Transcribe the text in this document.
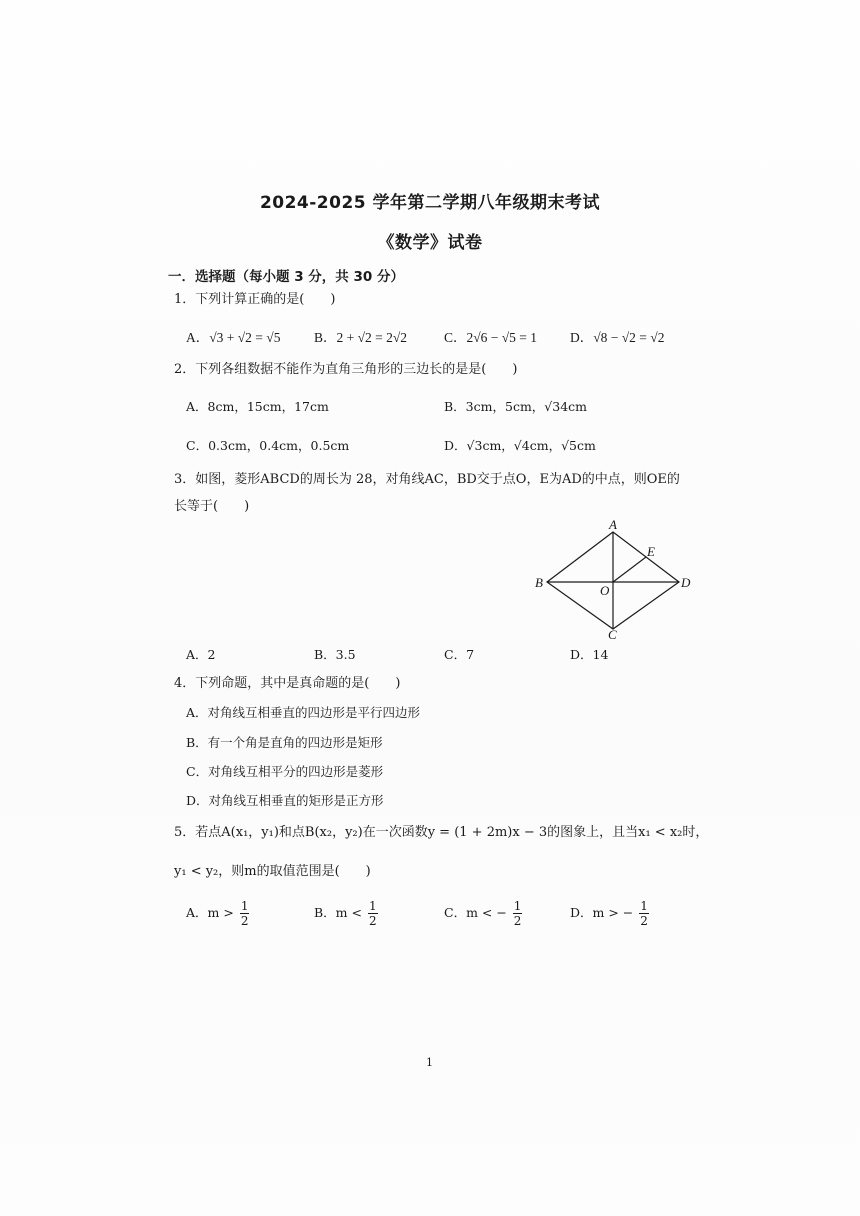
2024-2025 学年第二学期八年级期末考试
《数学》试卷
一．选择题（每小题 3 分，共 30 分）
1．下列计算正确的是(　　)
A．√3 + √2 = √5 B．2 + √2 = 2√2	C．2√6 − √5 = 1 D．√8 − √2 = √2
2．下列各组数据不能作为直角三角形的三边长的是是(　　)
A．8cm，15cm，17cm	B．3cm，5cm，√34cm
C．0.3cm，0.4cm，0.5cm	D．√3cm，√4cm，√5cm
3．如图，菱形ABCD的周长为 28，对角线AC，BD交于点O，E为AD的中点，则OE的
长等于(　　)
A
B
C
D
O
E
A．2	B．3.5	C．7	D．14
4．下列命题，其中是真命题的是(　　)
A．对角线互相垂直的四边形是平行四边形
B．有一个角是直角的四边形是矩形
C．对角线互相平分的四边形是菱形
D．对角线互相垂直的矩形是正方形
5．若点A(x₁，y₁)和点B(x₂，y₂)在一次函数y = (1 + 2m)x − 3的图象上，且当x₁ < x₂时，
y₁ < y₂，则m的取值范围是(　　)
A．$m > \frac{1}{2}$	B．$m < \frac{1}{2}$	C．m < − $\frac{1}{2}$	D．m > − $\frac{1}{2}$
1
